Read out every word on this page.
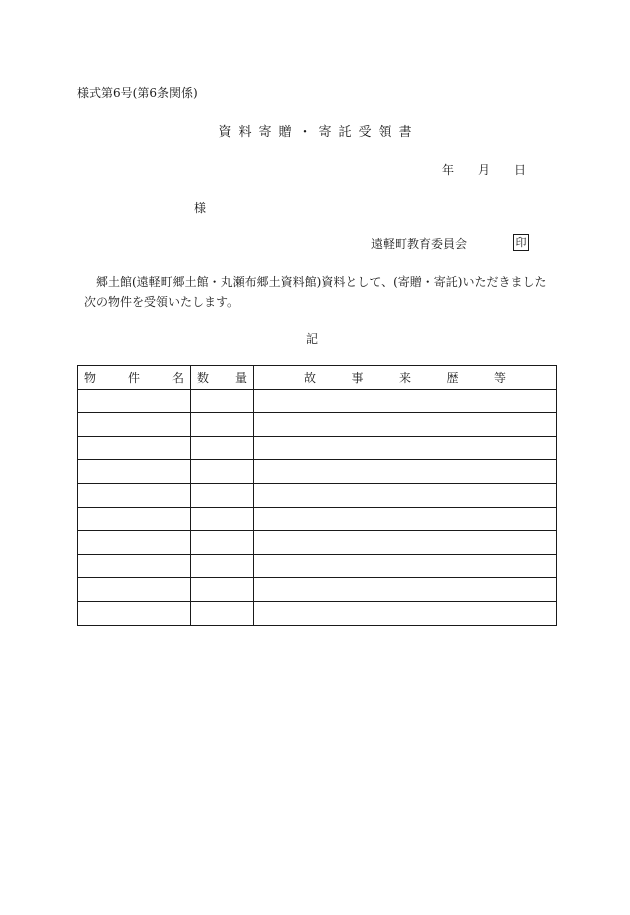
様式第6号(第6条関係)
資料寄贈・寄託受領書
年 月 日
様
遠軽町教育委員会	印
郷土館(遠軽町郷土館・丸瀬布郷土資料館)資料として、(寄贈・寄託)いただきました
次の物件を受領いたします。
記
物 件 名	数 量	故 事 来 歴 等
